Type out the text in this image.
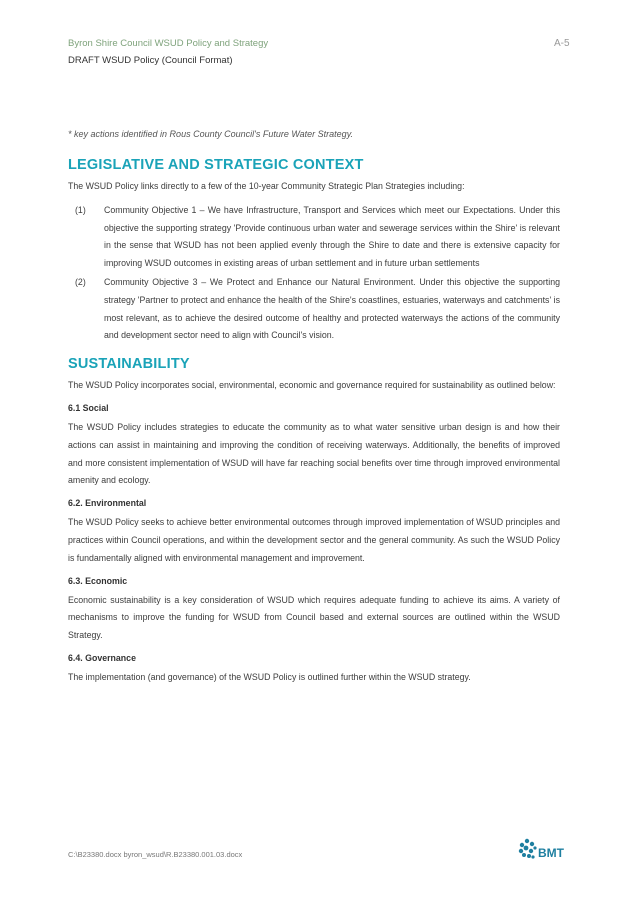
Byron Shire Council WSUD Policy and Strategy
DRAFT WSUD Policy (Council Format)
A-5
* key actions identified in Rous County Council's Future Water Strategy.
LEGISLATIVE AND STRATEGIC CONTEXT

The WSUD Policy links directly to a few of the 10-year Community Strategic Plan Strategies including:

(1) Community Objective 1 – We have Infrastructure, Transport and Services which meet our Expectations. Under this objective the supporting strategy 'Provide continuous urban water and sewerage services within the Shire' is relevant in the sense that WSUD has not been applied evenly through the Shire to date and there is extensive capacity for improving WSUD outcomes in existing areas of urban settlement and in future urban settlements
(2) Community Objective 3 – We Protect and Enhance our Natural Environment. Under this objective the supporting strategy 'Partner to protect and enhance the health of the Shire's coastlines, estuaries, waterways and catchments' is most relevant, as to achieve the desired outcome of healthy and protected waterways the actions of the community and development sector need to align with Council's vision.
SUSTAINABILITY

The WSUD Policy incorporates social, environmental, economic and governance required for sustainability as outlined below:

6.1 Social

The WSUD Policy includes strategies to educate the community as to what water sensitive urban design is and how their actions can assist in maintaining and improving the condition of receiving waterways. Additionally, the benefits of improved and more consistent implementation of WSUD will have far reaching social benefits over time through improved environmental amenity and ecology.

6.2. Environmental

The WSUD Policy seeks to achieve better environmental outcomes through improved implementation of WSUD principles and practices within Council operations, and within the development sector and the general community. As such the WSUD Policy is fundamentally aligned with environmental management and improvement.

6.3. Economic

Economic sustainability is a key consideration of WSUD which requires adequate funding to achieve its aims. A variety of mechanisms to improve the funding for WSUD from Council based and external sources are outlined within the WSUD Strategy.

6.4. Governance

The implementation (and governance) of the WSUD Policy is outlined further within the WSUD strategy.

C:\B23380.docx byron_wsud\R.B23380.001.03.docx	BMT
